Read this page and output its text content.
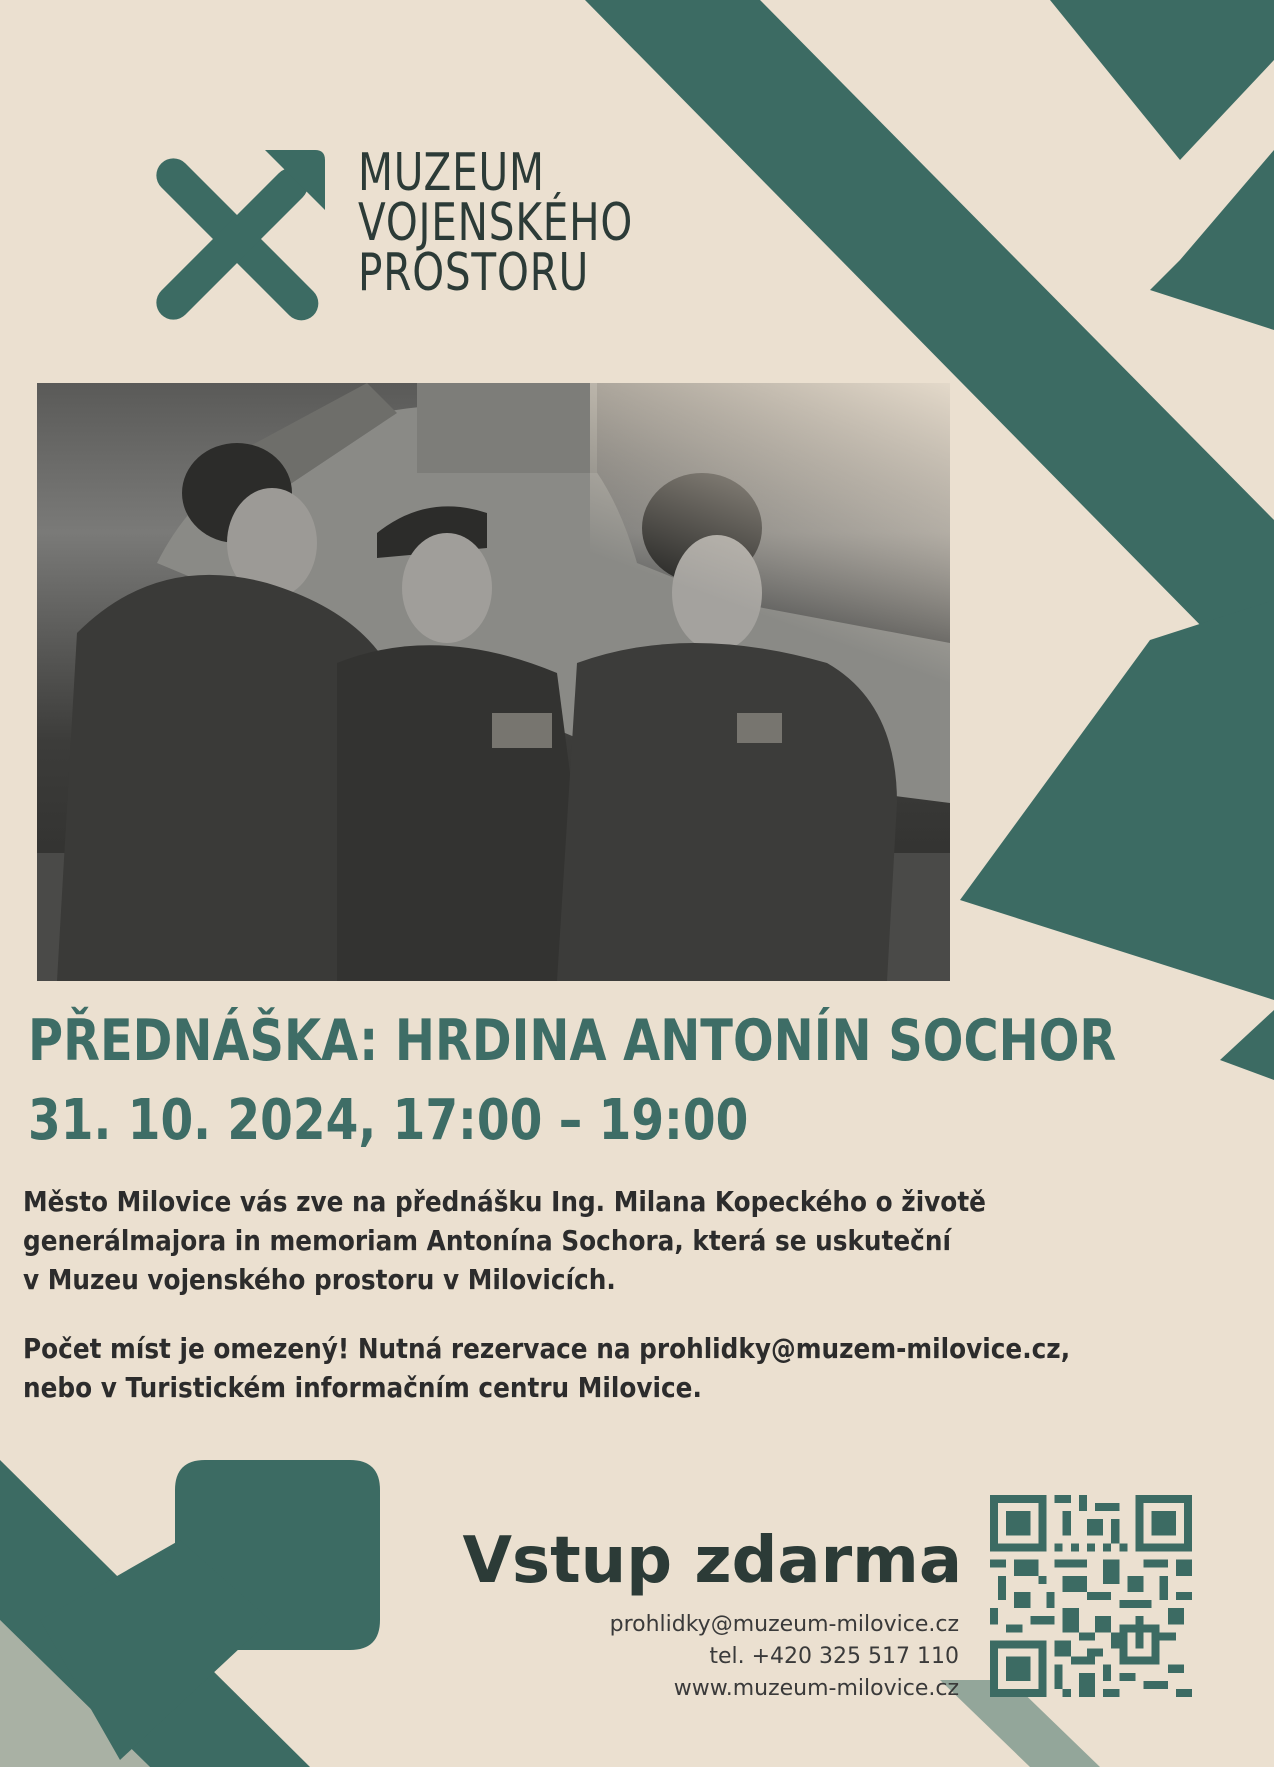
MUZEUM
VOJENSKÉHO
PROSTORU
PŘEDNÁŠKA: HRDINA ANTONÍN SOCHOR
31. 10. 2024, 17:00 – 19:00
Město Milovice vás zve na přednášku Ing. Milana Kopeckého o životě
generálmajora in memoriam Antonína Sochora, která se uskuteční
v Muzeu vojenského prostoru v Milovicích.
Počet míst je omezený! Nutná rezervace na prohlidky@muzem-milovice.cz,
nebo v Turistickém informačním centru Milovice.
Vstup zdarma
prohlidky@muzeum-milovice.cz
tel. +420 325 517 110
www.muzeum-milovice.cz
